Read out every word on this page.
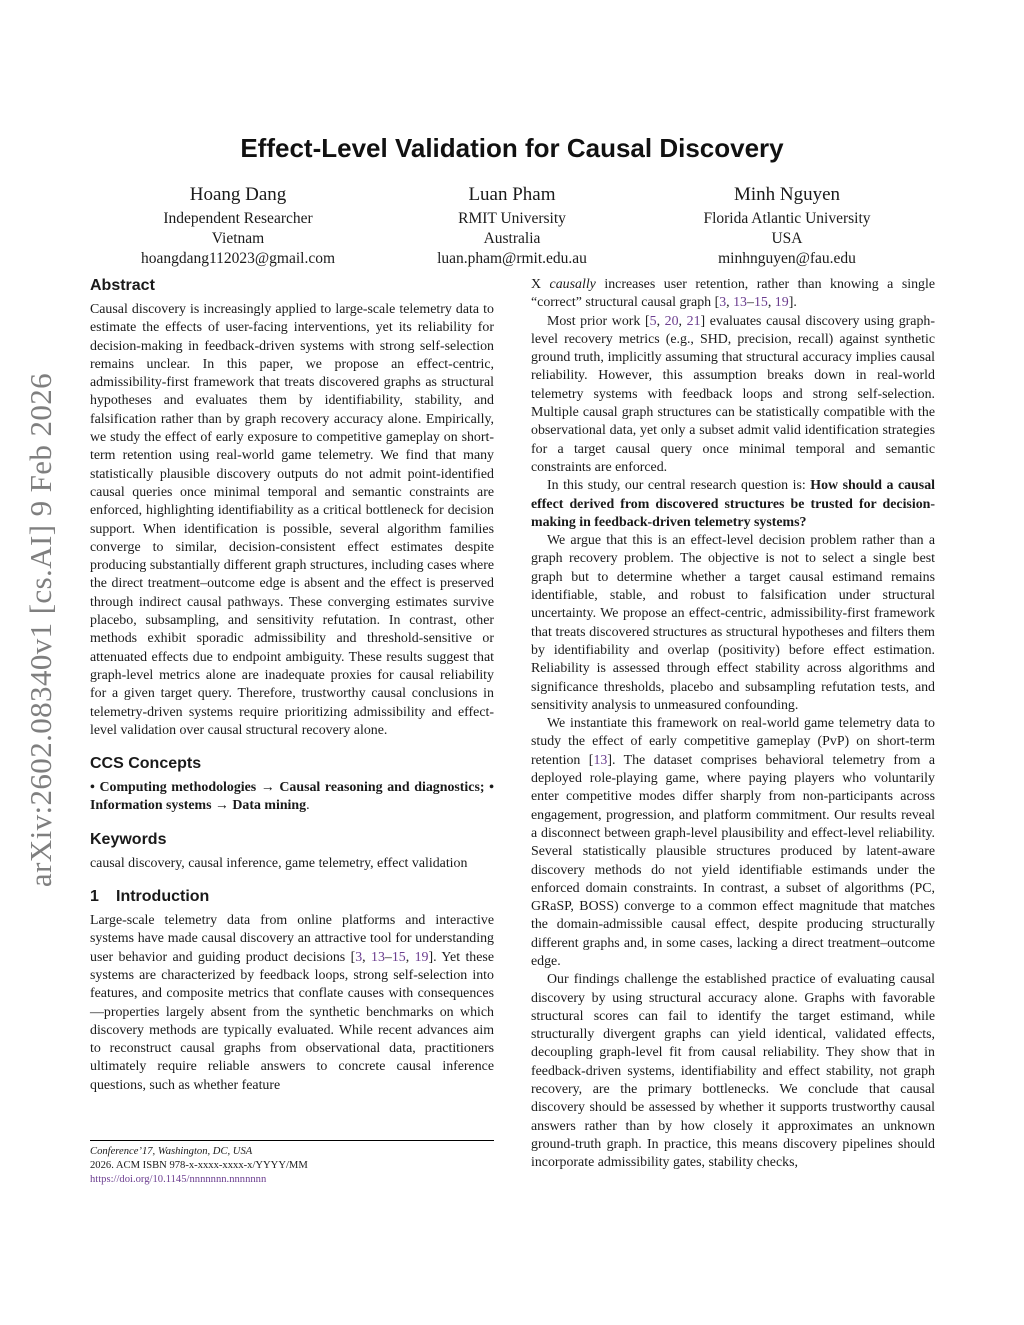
arXiv:2602.08340v1 [cs.AI] 9 Feb 2026
Effect-Level Validation for Causal Discovery
Hoang Dang
Independent Researcher
Vietnam
hoangdang112023@gmail.com
Luan Pham
RMIT University
Australia
luan.pham@rmit.edu.au
Minh Nguyen
Florida Atlantic University
USA
minhnguyen@fau.edu
Abstract

Causal discovery is increasingly applied to large-scale telemetry data to estimate the effects of user-facing interventions, yet its reliability for decision-making in feedback-driven systems with strong self-selection remains unclear. In this paper, we propose an effect-centric, admissibility-first framework that treats discovered graphs as structural hypotheses and evaluates them by identifiability, stability, and falsification rather than by graph recovery accuracy alone. Empirically, we study the effect of early exposure to competitive gameplay on short-term retention using real-world game telemetry. We find that many statistically plausible discovery outputs do not admit point-identified causal queries once minimal temporal and semantic constraints are enforced, highlighting identifiability as a critical bottleneck for decision support. When identification is possible, several algorithm families converge to similar, decision-consistent effect estimates despite producing substantially different graph structures, including cases where the direct treatment–outcome edge is absent and the effect is preserved through indirect causal pathways. These converging estimates survive placebo, subsampling, and sensitivity refutation. In contrast, other methods exhibit sporadic admissibility and threshold-sensitive or attenuated effects due to endpoint ambiguity. These results suggest that graph-level metrics alone are inadequate proxies for causal reliability for a given target query. Therefore, trustworthy causal conclusions in telemetry-driven systems require prioritizing admissibility and effect-level validation over causal structural recovery alone.

CCS Concepts

• Computing methodologies → Causal reasoning and diagnostics; • Information systems → Data mining.

Keywords

causal discovery, causal inference, game telemetry, effect validation

1 Introduction

Large-scale telemetry data from online platforms and interactive systems have made causal discovery an attractive tool for understanding user behavior and guiding product decisions [3, 13–15, 19]. Yet these systems are characterized by feedback loops, strong self-selection into features, and composite metrics that conflate causes with consequences—properties largely absent from the synthetic benchmarks on which discovery methods are typically evaluated. While recent advances aim to reconstruct causal graphs from observational data, practitioners ultimately require reliable answers to concrete causal inference questions, such as whether feature

X causally increases user retention, rather than knowing a single “correct” structural causal graph [3, 13–15, 19].

Most prior work [5, 20, 21] evaluates causal discovery using graph-level recovery metrics (e.g., SHD, precision, recall) against synthetic ground truth, implicitly assuming that structural accuracy implies causal reliability. However, this assumption breaks down in real-world telemetry systems with feedback loops and strong self-selection. Multiple causal graph structures can be statistically compatible with the observational data, yet only a subset admit valid identification strategies for a target causal query once minimal temporal and semantic constraints are enforced.

In this study, our central research question is: How should a causal effect derived from discovered structures be trusted for decision-making in feedback-driven telemetry systems?

We argue that this is an effect-level decision problem rather than a graph recovery problem. The objective is not to select a single best graph but to determine whether a target causal estimand remains identifiable, stable, and robust to falsification under structural uncertainty. We propose an effect-centric, admissibility-first framework that treats discovered structures as structural hypotheses and filters them by identifiability and overlap (positivity) before effect estimation. Reliability is assessed through effect stability across algorithms and significance thresholds, placebo and subsampling refutation tests, and sensitivity analysis to unmeasured confounding.

We instantiate this framework on real-world game telemetry data to study the effect of early competitive gameplay (PvP) on short-term retention [13]. The dataset comprises behavioral telemetry from a deployed role-playing game, where paying players who voluntarily enter competitive modes differ sharply from non-participants across engagement, progression, and platform commitment. Our results reveal a disconnect between graph-level plausibility and effect-level reliability. Several statistically plausible structures produced by latent-aware discovery methods do not yield identifiable estimands under the enforced domain constraints. In contrast, a subset of algorithms (PC, GRaSP, BOSS) converge to a common effect magnitude that matches the domain-admissible causal effect, despite producing structurally different graphs and, in some cases, lacking a direct treatment–outcome edge.

Our findings challenge the established practice of evaluating causal discovery by using structural accuracy alone. Graphs with favorable structural scores can fail to identify the target estimand, while structurally divergent graphs can yield identical, validated effects, decoupling graph-level fit from causal reliability. They show that in feedback-driven systems, identifiability and effect stability, not graph recovery, are the primary bottlenecks. We conclude that causal discovery should be assessed by whether it supports trustworthy causal answers rather than by how closely it approximates an unknown ground-truth graph. In practice, this means discovery pipelines should incorporate admissibility gates, stability checks,

Conference’17, Washington, DC, USA
2026. ACM ISBN 978-x-xxxx-xxxx-x/YYYY/MM
https://doi.org/10.1145/nnnnnnn.nnnnnnn
